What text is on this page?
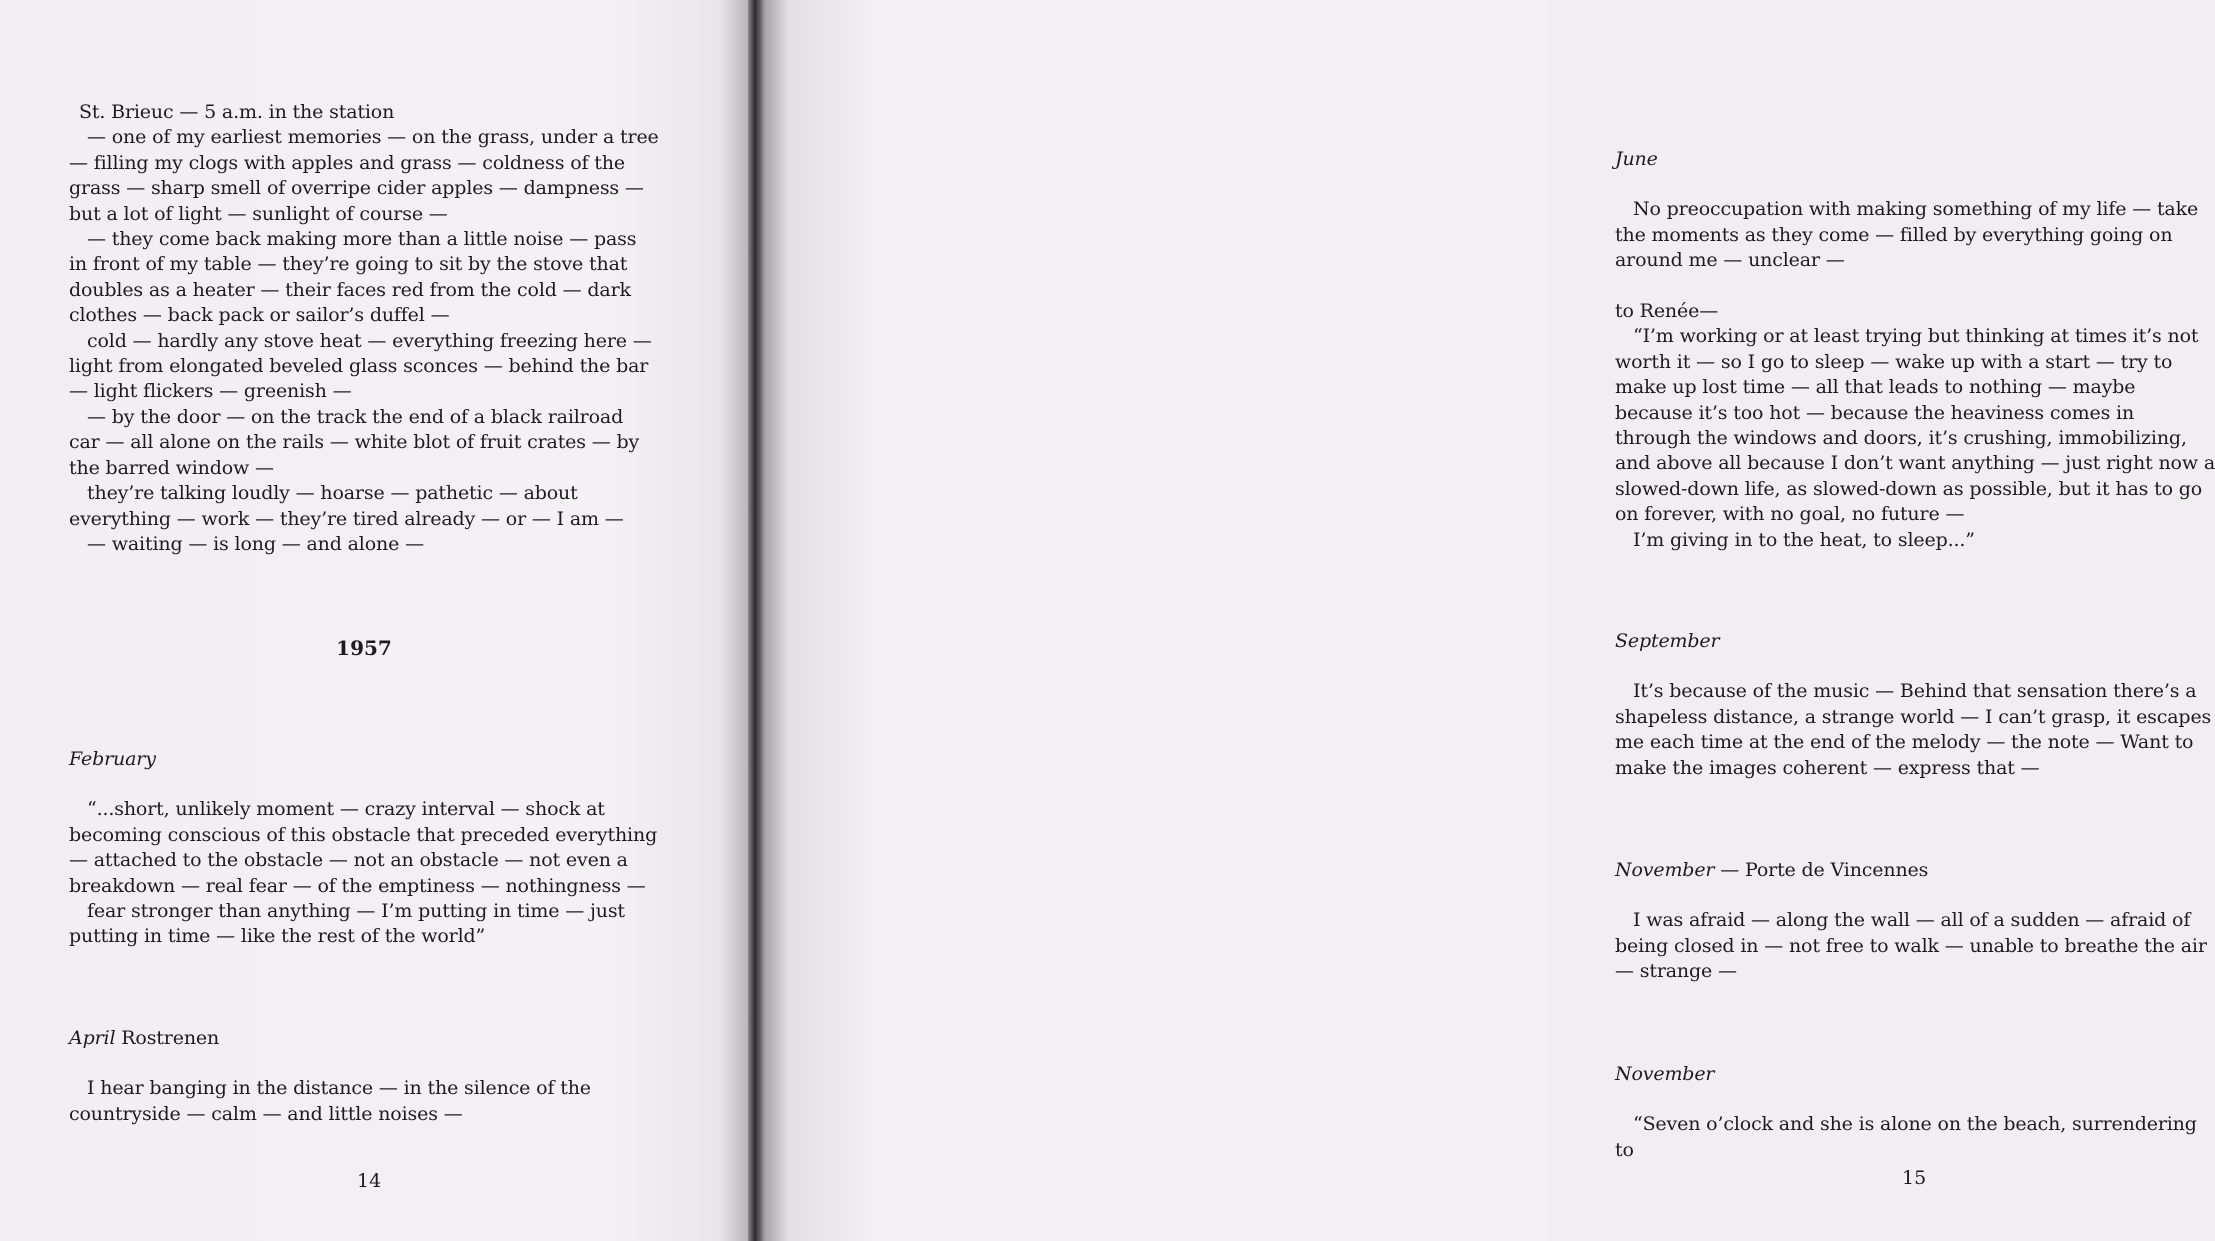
St. Brieuc — 5 a.m. in the station

— one of my earliest memories — on the grass, under a tree — filling my clogs with apples and grass — coldness of the grass — sharp smell of overripe cider apples — dampness — but a lot of light — sunlight of course —

— they come back making more than a little noise — pass in front of my table — they’re going to sit by the stove that doubles as a heater — their faces red from the cold — dark clothes — back pack or sailor’s duffel —

cold — hardly any stove heat — everything freezing here — light from elongated beveled glass sconces — behind the bar — light flickers — greenish —

— by the door — on the track the end of a black railroad car — all alone on the rails — white blot of fruit crates — by the barred window —

they’re talking loudly — hoarse — pathetic — about everything — work — they’re tired already — or — I am —

— waiting — is long — and alone —

1957

February

“...short, unlikely moment — crazy interval — shock at becoming conscious of this obstacle that preceded everything — attached to the obstacle — not an obstacle — not even a breakdown — real fear — of the emptiness — nothingness —

fear stronger than anything — I’m putting in time — just putting in time — like the rest of the world”

April Rostrenen

I hear banging in the distance — in the silence of the countryside — calm — and little noises —

14

June

No preoccupation with making something of my life — take the moments as they come — filled by everything going on around me — unclear —

to Renée—

“I’m working or at least trying but thinking at times it’s not worth it — so I go to sleep — wake up with a start — try to make up lost time — all that leads to nothing — maybe because it’s too hot — because the heaviness comes in through the windows and doors, it’s crushing, immobilizing, and above all because I don’t want anything — just right now a slowed-down life, as slowed-down as possible, but it has to go on forever, with no goal, no future —

I’m giving in to the heat, to sleep...”

September

It’s because of the music — Behind that sensation there’s a shapeless distance, a strange world — I can’t grasp, it escapes me each time at the end of the melody — the note — Want to make the images coherent — express that —

November — Porte de Vincennes

I was afraid — along the wall — all of a sudden — afraid of being closed in — not free to walk — unable to breathe the air — strange —

November

“Seven o’clock and she is alone on the beach, surrendering to

15
